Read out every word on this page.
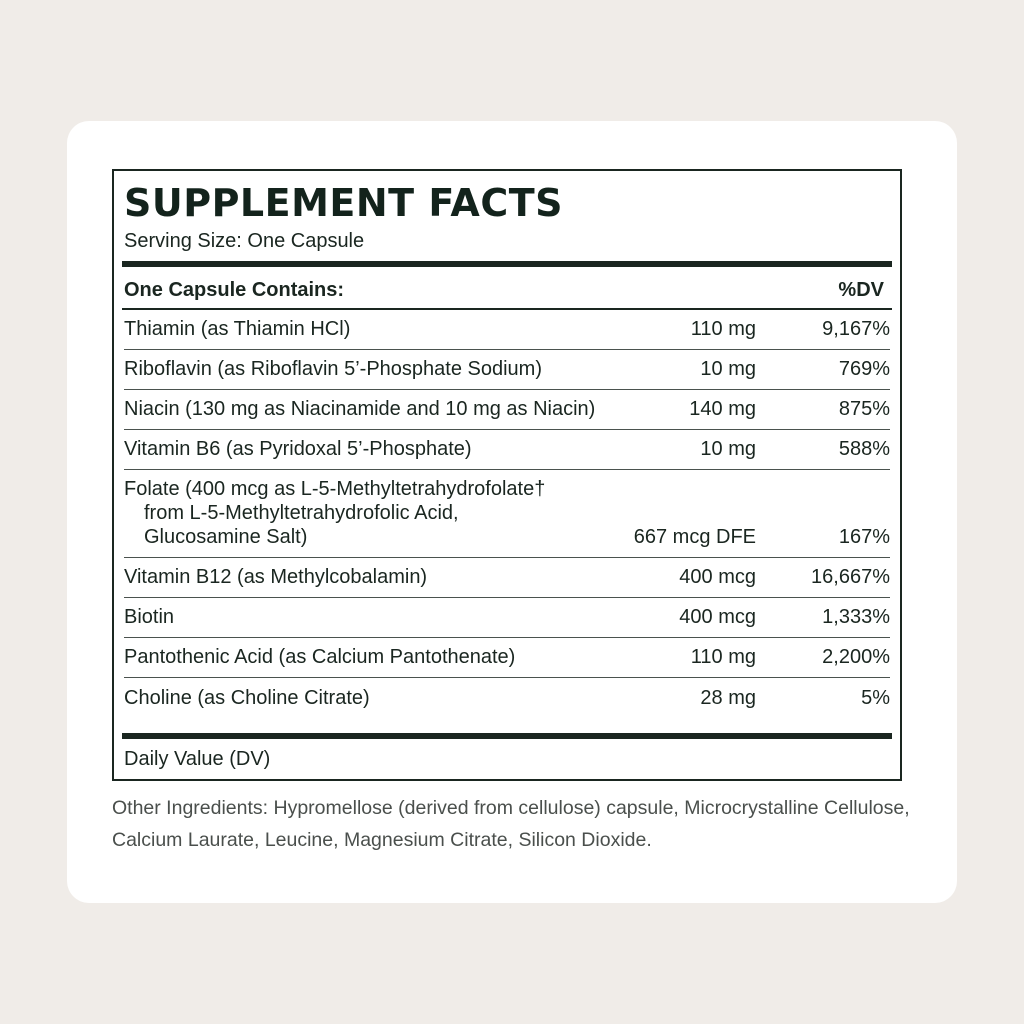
SUPPLEMENT FACTS
Serving Size: One Capsule
One Capsule Contains:	%DV
Thiamin (as Thiamin HCl)	110 mg	9,167%
Riboflavin (as Riboflavin 5’-Phosphate Sodium)	10 mg	769%
Niacin (130 mg as Niacinamide and 10 mg as Niacin)	140 mg	875%
Vitamin B6 (as Pyridoxal 5’-Phosphate)	10 mg	588%
Folate (400 mcg as L-5-Methyltetrahydrofolate†
from L-5-Methyltetrahydrofolic Acid,
Glucosamine Salt)	667 mcg DFE	167%
Vitamin B12 (as Methylcobalamin)	400 mcg	16,667%
Biotin	400 mcg	1,333%
Pantothenic Acid (as Calcium Pantothenate)	110 mg	2,200%
Choline (as Choline Citrate)	28 mg	5%
Daily Value (DV)
Other Ingredients: Hypromellose (derived from cellulose) capsule, Microcrystalline Cellulose, Calcium Laurate, Leucine, Magnesium Citrate, Silicon Dioxide.
